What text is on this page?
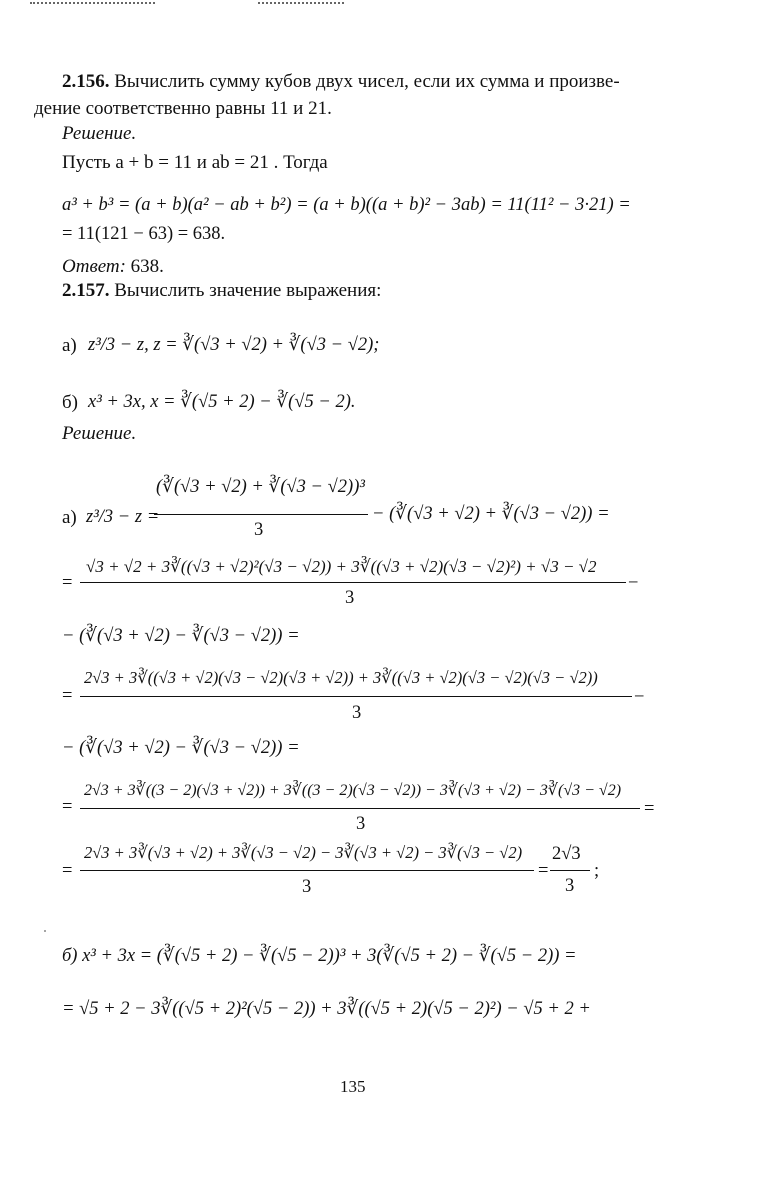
2.156. Вычислить сумму кубов двух чисел, если их сумма и произве-
дение соответственно равны 11 и 21.
Решение.
Пусть a + b = 11 и ab = 21 . Тогда
a³ + b³ = (a + b)(a² − ab + b²) = (a + b)((a + b)² − 3ab) = 11(11² − 3·21) =
= 11(121 − 63) = 638.
Ответ: 638.
2.157. Вычислить значение выражения:
а) z³/3 − z, z = ∛(√3 + √2) + ∛(√3 − √2);
б) x³ + 3x, x = ∛(√5 + 2) − ∛(√5 − 2).
Решение.
а) z³/3 − z =
(∛(√3 + √2) + ∛(√3 − √2))³
3
− (∛(√3 + √2) + ∛(√3 − √2)) =
=
√3 + √2 + 3∛((√3 + √2)²(√3 − √2)) + 3∛((√3 + √2)(√3 − √2)²) + √3 − √2
3
−
− (∛(√3 + √2) − ∛(√3 − √2)) =
=
2√3 + 3∛((√3 + √2)(√3 − √2)(√3 + √2)) + 3∛((√3 + √2)(√3 − √2)(√3 − √2))
3
−
− (∛(√3 + √2) − ∛(√3 − √2)) =
=
2√3 + 3∛((3 − 2)(√3 + √2)) + 3∛((3 − 2)(√3 − √2)) − 3∛(√3 + √2) − 3∛(√3 − √2)
3
=
=
2√3 + 3∛(√3 + √2) + 3∛(√3 − √2) − 3∛(√3 + √2) − 3∛(√3 − √2)
3
=
2√3
3
;
б) x³ + 3x = (∛(√5 + 2) − ∛(√5 − 2))³ + 3(∛(√5 + 2) − ∛(√5 − 2)) =
= √5 + 2 − 3∛((√5 + 2)²(√5 − 2)) + 3∛((√5 + 2)(√5 − 2)²) − √5 + 2 +
135
